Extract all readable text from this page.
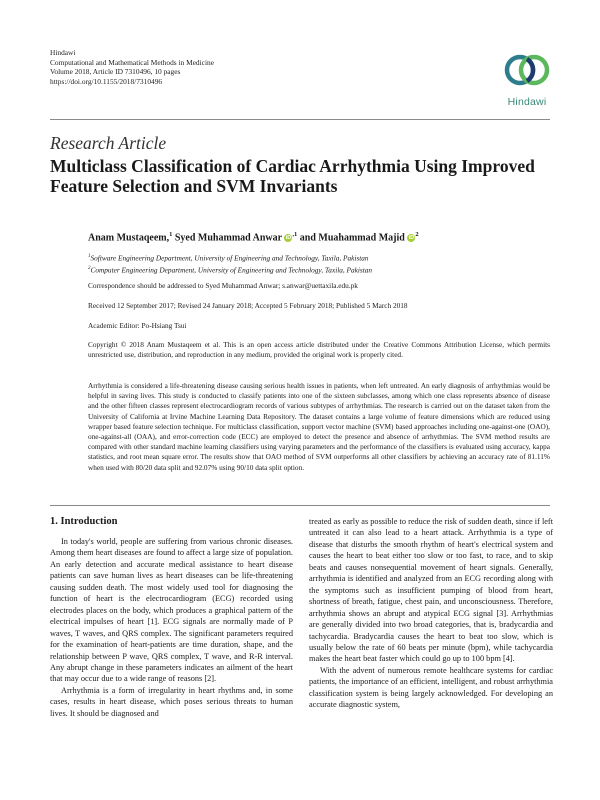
Hindawi
Computational and Mathematical Methods in Medicine
Volume 2018, Article ID 7310496, 10 pages
https://doi.org/10.1155/2018/7310496
Hindawi
Research Article
Multiclass Classification of Cardiac Arrhythmia Using Improved Feature Selection and SVM Invariants
Anam Mustaqeem,$^1$ Syed Muhammad Anwar $iD^{,1}$ and Muahammad Majid $iD^2$
$^1$Software Engineering Department, University of Engineering and Technology, Taxila, Pakistan
$^2$Computer Engineering Department, University of Engineering and Technology, Taxila, Pakistan
Correspondence should be addressed to Syed Muhammad Anwar; s.anwar@uettaxila.edu.pk
Received 12 September 2017; Revised 24 January 2018; Accepted 5 February 2018; Published 5 March 2018
Academic Editor: Po-Hsiang Tsui
Copyright © 2018 Anam Mustaqeem et al. This is an open access article distributed under the Creative Commons Attribution License, which permits unrestricted use, distribution, and reproduction in any medium, provided the original work is properly cited.
Arrhythmia is considered a life-threatening disease causing serious health issues in patients, when left untreated. An early diagnosis of arrhythmias would be helpful in saving lives. This study is conducted to classify patients into one of the sixteen subclasses, among which one class represents absence of disease and the other fifteen classes represent electrocardiogram records of various subtypes of arrhythmias. The research is carried out on the dataset taken from the University of California at Irvine Machine Learning Data Repository. The dataset contains a large volume of feature dimensions which are reduced using wrapper based feature selection technique. For multiclass classification, support vector machine (SVM) based approaches including one-against-one (OAO), one-against-all (OAA), and error-correction code (ECC) are employed to detect the presence and absence of arrhythmias. The SVM method results are compared with other standard machine learning classifiers using varying parameters and the performance of the classifiers is evaluated using accuracy, kappa statistics, and root mean square error. The results show that OAO method of SVM outperforms all other classifiers by achieving an accuracy rate of 81.11% when used with 80/20 data split and 92.07% using 90/10 data split option.
1. Introduction

In today's world, people are suffering from various chronic diseases. Among them heart diseases are found to affect a large size of population. An early detection and accurate medical assistance to heart disease patients can save human lives as heart diseases can be life-threatening causing sudden death. The most widely used tool for diagnosing the function of heart is the electrocardiogram (ECG) recorded using electrodes places on the body, which produces a graphical pattern of the electrical impulses of heart [1]. ECG signals are normally made of P waves, T waves, and QRS complex. The significant parameters required for the examination of heart-patients are time duration, shape, and the relationship between P wave, QRS complex, T wave, and R-R interval. Any abrupt change in these parameters indicates an ailment of the heart that may occur due to a wide range of reasons [2].

Arrhythmia is a form of irregularity in heart rhythms and, in some cases, results in heart disease, which poses serious threats to human lives. It should be diagnosed and

treated as early as possible to reduce the risk of sudden death, since if left untreated it can also lead to a heart attack. Arrhythmia is a type of disease that disturbs the smooth rhythm of heart's electrical system and causes the heart to beat either too slow or too fast, to race, and to skip beats and causes nonsequential movement of heart signals. Generally, arrhythmia is identified and analyzed from an ECG recording along with the symptoms such as insufficient pumping of blood from heart, shortness of breath, fatigue, chest pain, and unconsciousness. Therefore, arrhythmia shows an abrupt and atypical ECG signal [3]. Arrhythmias are generally divided into two broad categories, that is, bradycardia and tachycardia. Bradycardia causes the heart to beat too slow, which is usually below the rate of 60 beats per minute (bpm), while tachycardia makes the heart beat faster which could go up to 100 bpm [4].

With the advent of numerous remote healthcare systems for cardiac patients, the importance of an efficient, intelligent, and robust arrhythmia classification system is being largely acknowledged. For developing an accurate diagnostic system,
